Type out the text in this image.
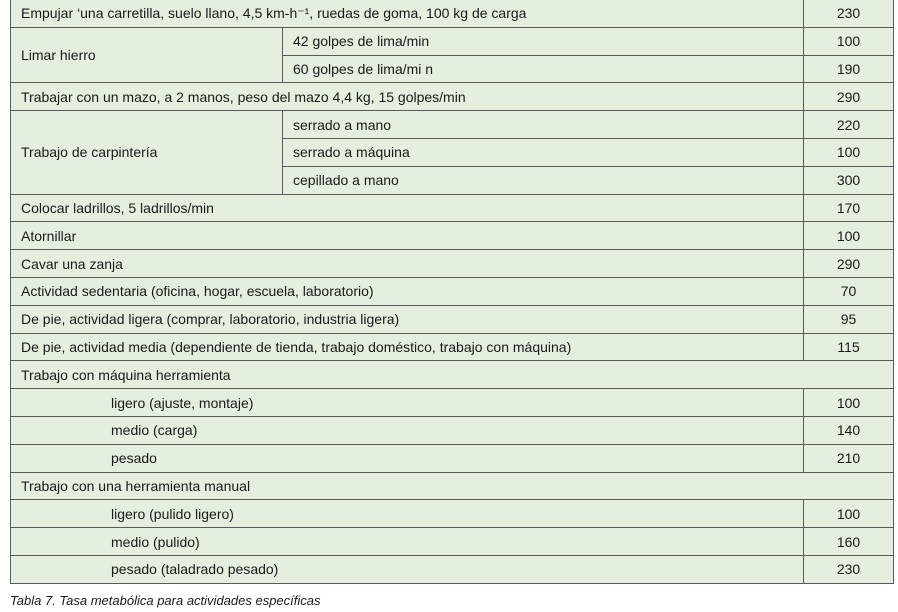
Empujar ‘una carretilla, suelo llano, 4,5 km-h⁻¹, ruedas de goma, 100 kg de carga		230
Limar hierro	42 golpes de lima/min	100
	60 golpes de lima/mi n	190
Trabajar con un mazo, a 2 manos, peso del mazo 4,4 kg, 15 golpes/min		290
Trabajo de carpintería	serrado a mano	220
	serrado a máquina	100
	cepillado a mano	300
Colocar ladrillos, 5 ladrillos/min		170
Atornillar		100
Cavar una zanja		290
Actividad sedentaria (oficina, hogar, escuela, laboratorio)		70
De pie, actividad ligera (comprar, laboratorio, industria ligera)		95
De pie, actividad media (dependiente de tienda, trabajo doméstico, trabajo con máquina)		115
Trabajo con máquina herramienta		
ligero (ajuste, montaje)		100
medio (carga)		140
pesado		210
Trabajo con una herramienta manual		
ligero (pulido ligero)		100
medio (pulido)		160
pesado (taladrado pesado)		230
Tabla 7. Tasa metabólica para actividades específicas
